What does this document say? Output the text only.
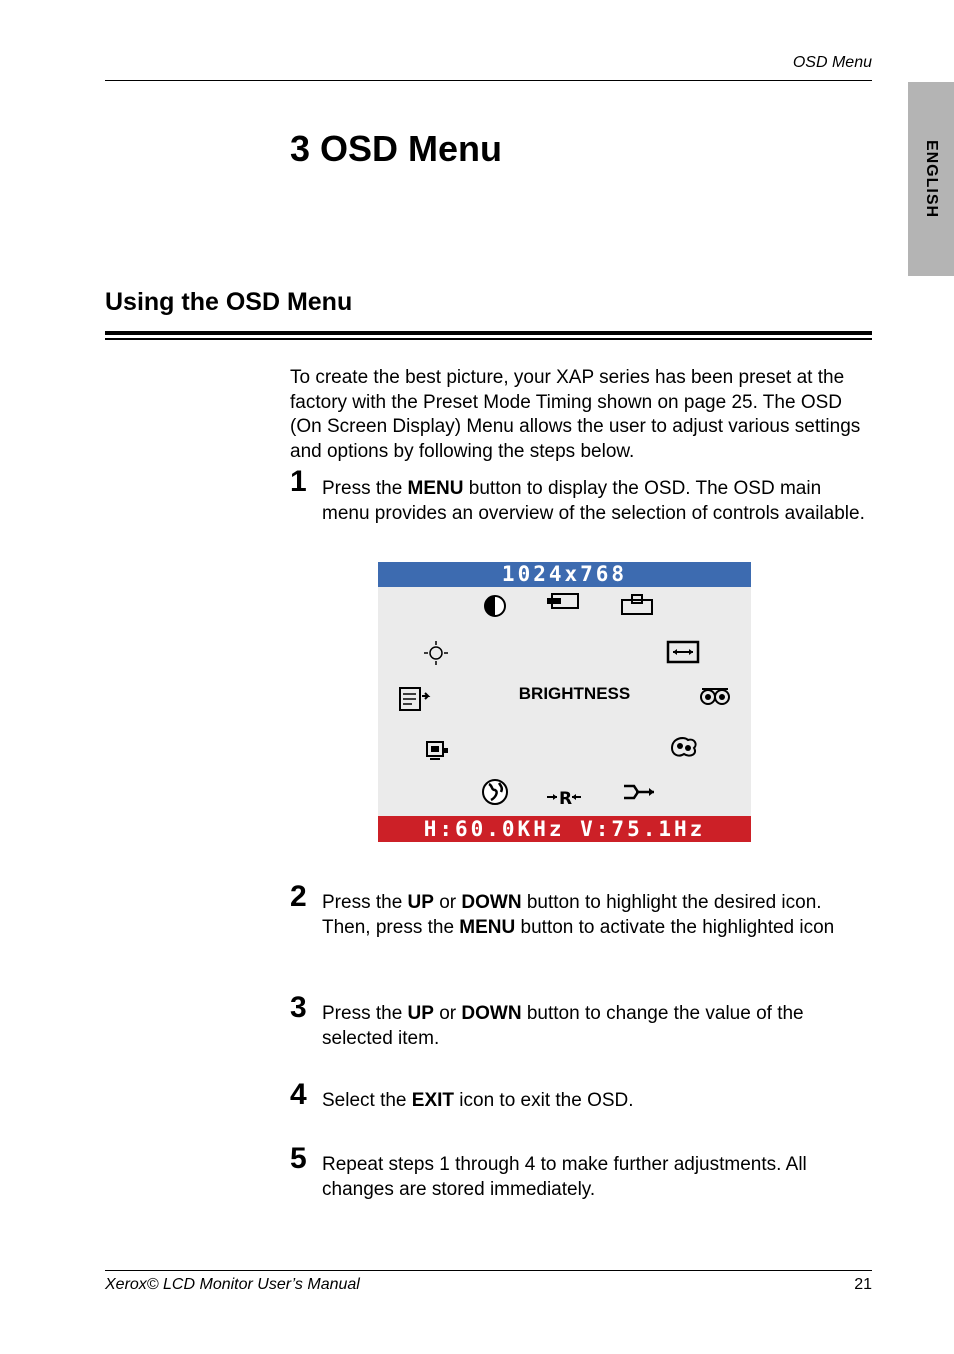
OSD Menu
ENGLISH
3 OSD Menu
Using the OSD Menu
To create the best picture, your XAP series has been preset at the factory with the Preset Mode Timing shown on page 25. The OSD (On Screen Display) Menu allows the user to adjust various settings and options by following the steps below.
1 Press the MENU button to display the OSD. The OSD main menu provides an overview of the selection of controls available.
1024x768
BRIGHTNESS
H:60.0KHz V:75.1Hz
R
2 Press the UP or DOWN button to highlight the desired icon. Then, press the MENU button to activate the highlighted icon
3 Press the UP or DOWN button to change the value of the selected item.
4 Select the EXIT icon to exit the OSD.
5 Repeat steps 1 through 4 to make further adjustments. All changes are stored immediately.
Xerox© LCD Monitor User’s Manual	21
